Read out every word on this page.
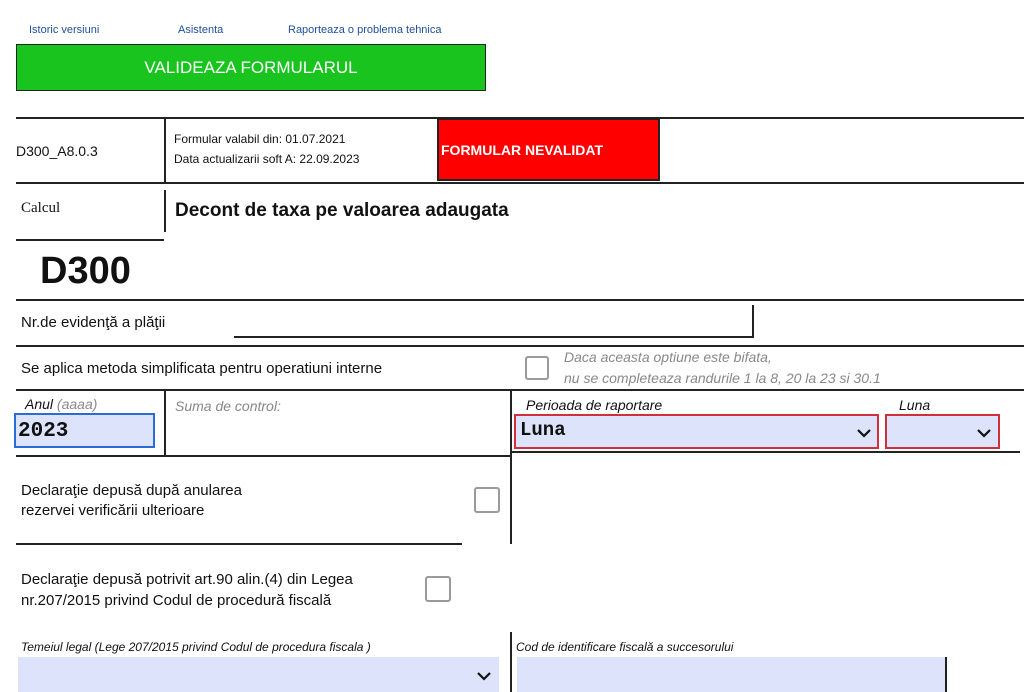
Istoric versiuni	Asistenta	Raporteaza o problema tehnica
VALIDEAZA FORMULARUL
D300_A8.0.3
Formular valabil din: 01.07.2021
Data actualizarii soft A: 22.09.2023
FORMULAR NEVALIDAT
Calcul	Decont de taxa pe valoarea adaugata
D300
Nr.de evidenţă a plăţii
Se aplica metoda simplificata pentru operatiuni interne
Daca aceasta optiune este bifata,
nu se completeaza randurile 1 la 8, 20 la 23 si 30.1
Anul (aaaa)
2023
Suma de control:	Perioada de raportare
Luna
Luna
Declaraţie depusă după anularea
rezervei verificării ulterioare
Declaraţie depusă potrivit art.90 alin.(4) din Legea
nr.207/2015 privind Codul de procedură fiscală
Temeiul legal (Lege 207/2015 privind Codul de procedura fiscala )	Cod de identificare fiscală a succesorului
